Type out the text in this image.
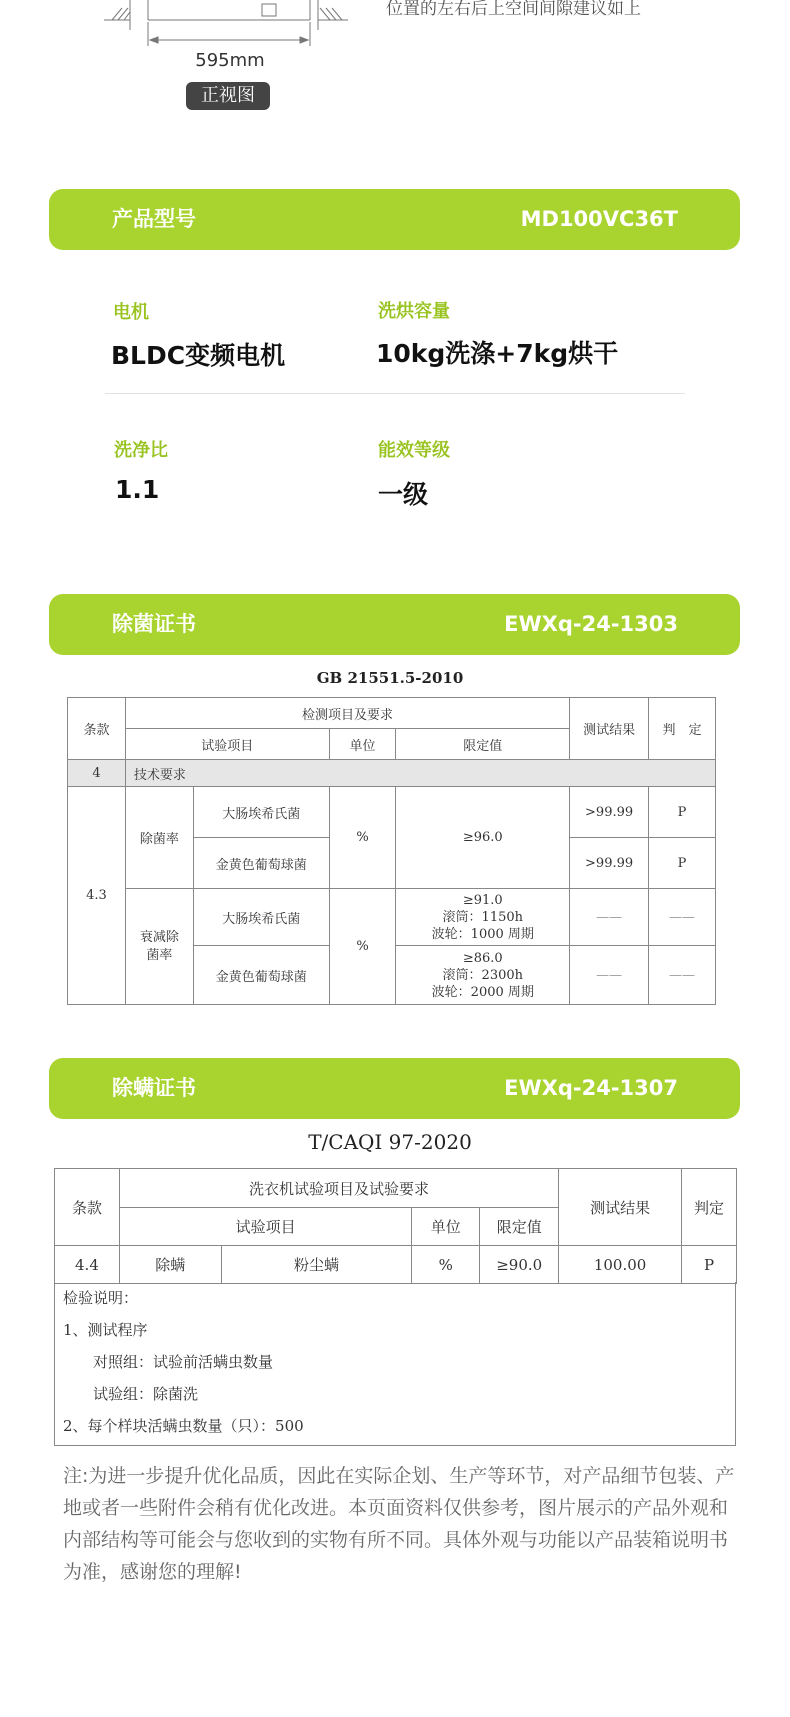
595mm
正视图
位置的左右后上空间间隙建议如上
产品型号	MD100VC36T
电机
BLDC变频电机
洗烘容量
10kg洗涤+7kg烘干
洗净比
1.1
能效等级
一级
除菌证书	EWXq-24-1303
GB 21551.5-2010
条款	检测项目及要求				测试结果	判　定
	试验项目		单位	限定值		
4	技术要求					
4.3	除菌率	大肠埃希氏菌	%	≥96.0	>99.99	P
		金黄色葡萄球菌			>99.99	P
	衰减除菌率	大肠埃希氏菌	%	≥91.0
滚筒：1150h
波轮：1000 周期	——	——
		金黄色葡萄球菌		≥86.0
滚筒：2300h
波轮：2000 周期	——	——
除螨证书	EWXq-24-1307
T/CAQI 97-2020
条款	洗衣机试验项目及试验要求				测试结果	判定
	试验项目		单位	限定值		
4.4	除螨	粉尘螨	%	≥90.0	100.00	P
检验说明：
1、测试程序
　　对照组：试验前活螨虫数量
　　试验组：除菌洗
2、每个样块活螨虫数量（只）：500
注:为进一步提升优化品质，因此在实际企划、生产等环节，对产品细节包装、产地或者一些附件会稍有优化改进。本页面资料仅供参考，图片展示的产品外观和内部结构等可能会与您收到的实物有所不同。具体外观与功能以产品装箱说明书为准，感谢您的理解!
